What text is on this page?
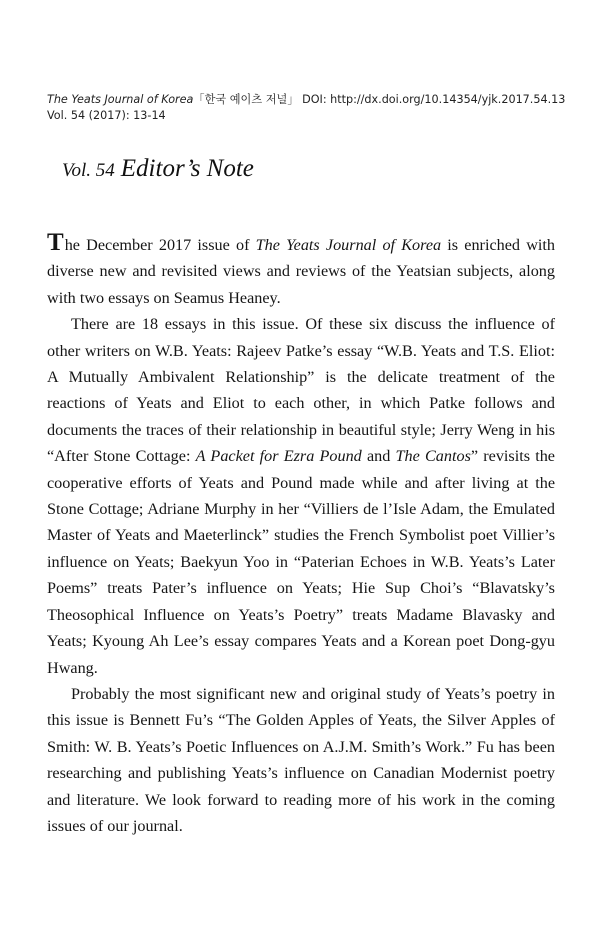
The Yeats Journal of Korea「한국 예이츠 저널」 DOI: http://dx.doi.org/10.14354/yjk.2017.54.13
Vol. 54 (2017): 13-14
Vol. 54 Editor’s Note

The December 2017 issue of The Yeats Journal of Korea is enriched with diverse new and revisited views and reviews of the Yeatsian subjects, along with two essays on Seamus Heaney.

There are 18 essays in this issue. Of these six discuss the influence of other writers on W.B. Yeats: Rajeev Patke’s essay “W.B. Yeats and T.S. Eliot: A Mutually Ambivalent Relationship” is the delicate treatment of the reactions of Yeats and Eliot to each other, in which Patke follows and documents the traces of their relationship in beautiful style; Jerry Weng in his “After Stone Cottage: A Packet for Ezra Pound and The Cantos” revisits the cooperative efforts of Yeats and Pound made while and after living at the Stone Cottage; Adriane Murphy in her “Villiers de l’Isle Adam, the Emulated Master of Yeats and Maeterlinck” studies the French Symbolist poet Villier’s influence on Yeats; Baekyun Yoo in “Paterian Echoes in W.B. Yeats’s Later Poems” treats Pater’s influence on Yeats; Hie Sup Choi’s “Blavatsky’s Theosophical Influence on Yeats’s Poetry” treats Madame Blavasky and Yeats; Kyoung Ah Lee’s essay compares Yeats and a Korean poet Dong-gyu Hwang.

Probably the most significant new and original study of Yeats’s poetry in this issue is Bennett Fu’s “The Golden Apples of Yeats, the Silver Apples of Smith: W. B. Yeats’s Poetic Influences on A.J.M. Smith’s Work.” Fu has been researching and publishing Yeats’s influence on Canadian Modernist poetry and literature. We look forward to reading more of his work in the coming issues of our journal.
